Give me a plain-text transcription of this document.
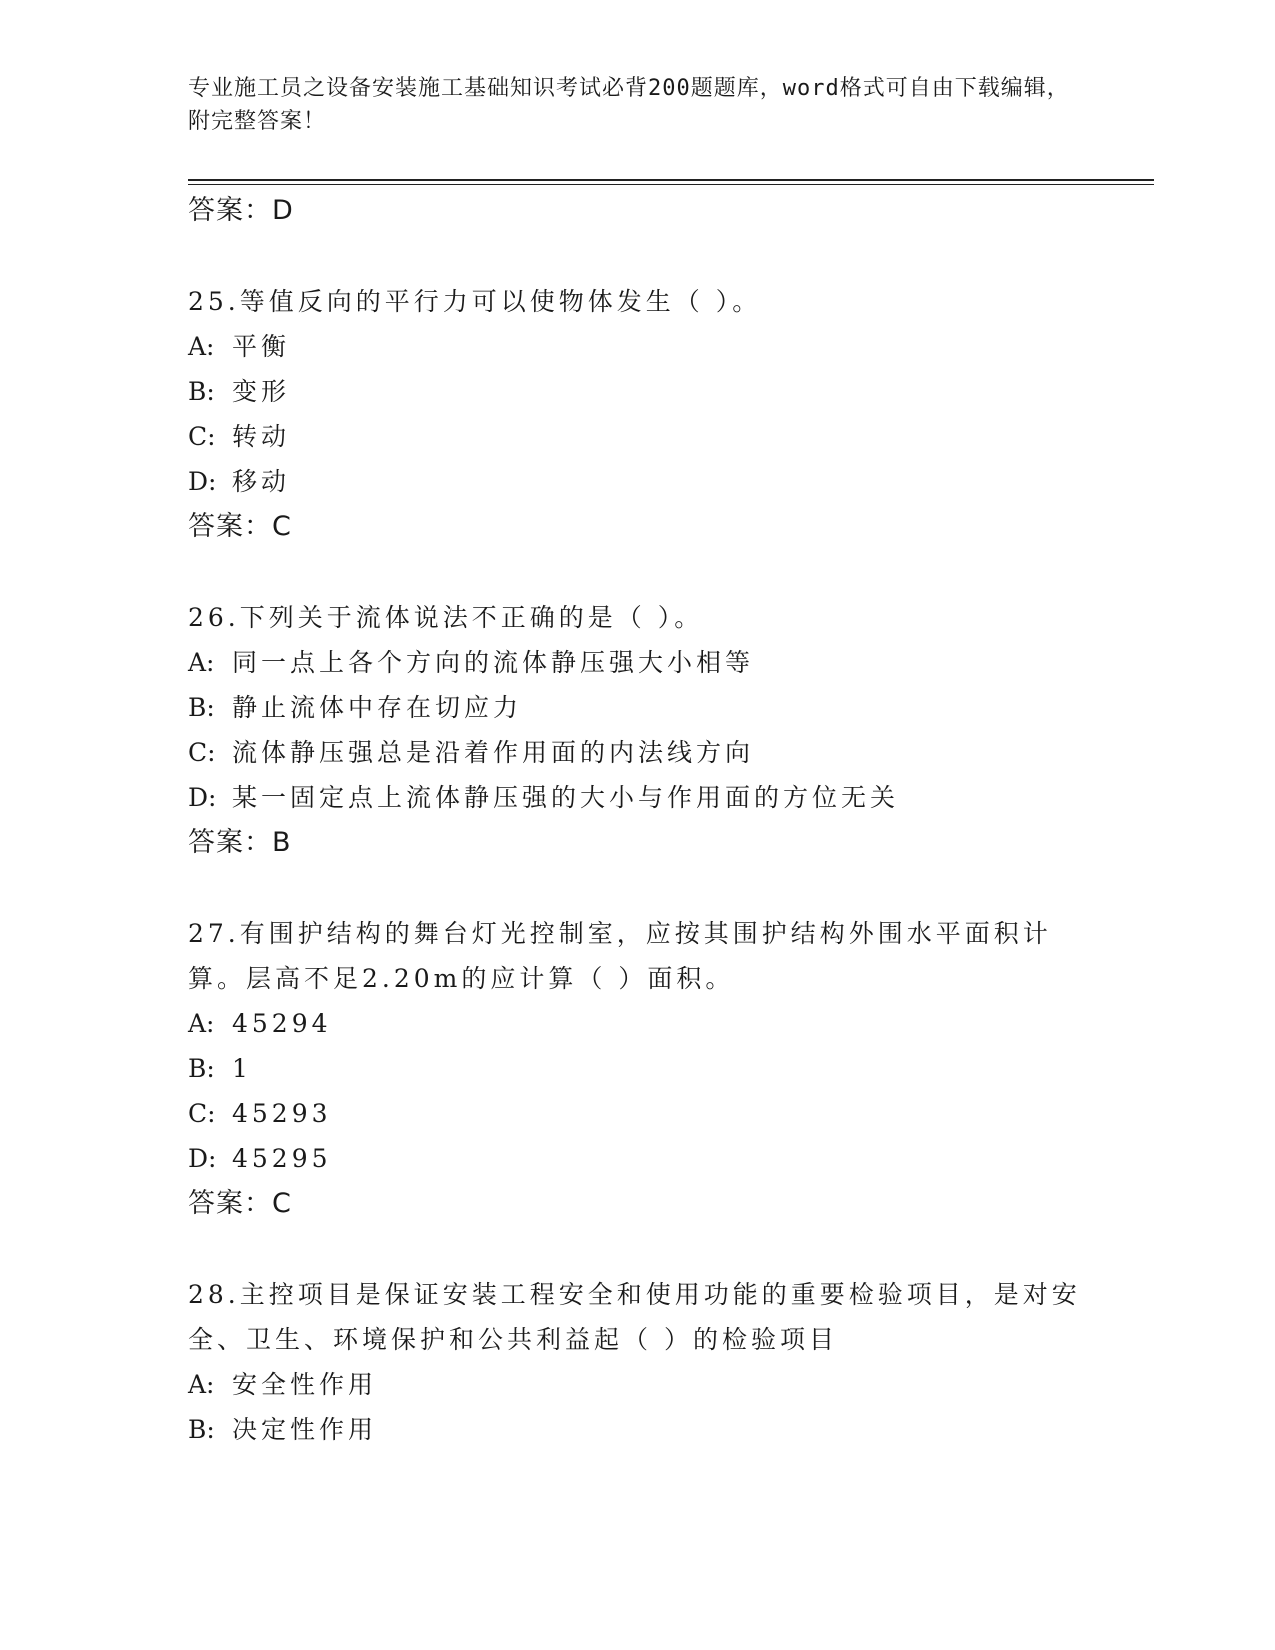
专业施工员之设备安装施工基础知识考试必背200题题库，word格式可自由下载编辑，附完整答案！
答案：D
25.等值反向的平行力可以使物体发生（ ）。
A: 平衡
B: 变形
C: 转动
D: 移动
答案：C
26.下列关于流体说法不正确的是（ ）。
A: 同一点上各个方向的流体静压强大小相等
B: 静止流体中存在切应力
C: 流体静压强总是沿着作用面的内法线方向
D: 某一固定点上流体静压强的大小与作用面的方位无关
答案：B
27.有围护结构的舞台灯光控制室，应按其围护结构外围水平面积计算。层高不足2.20m的应计算（ ）面积。
A: 45294
B: 1
C: 45293
D: 45295
答案：C
28.主控项目是保证安装工程安全和使用功能的重要检验项目，是对安全、卫生、环境保护和公共利益起（ ）的检验项目
A: 安全性作用
B: 决定性作用
